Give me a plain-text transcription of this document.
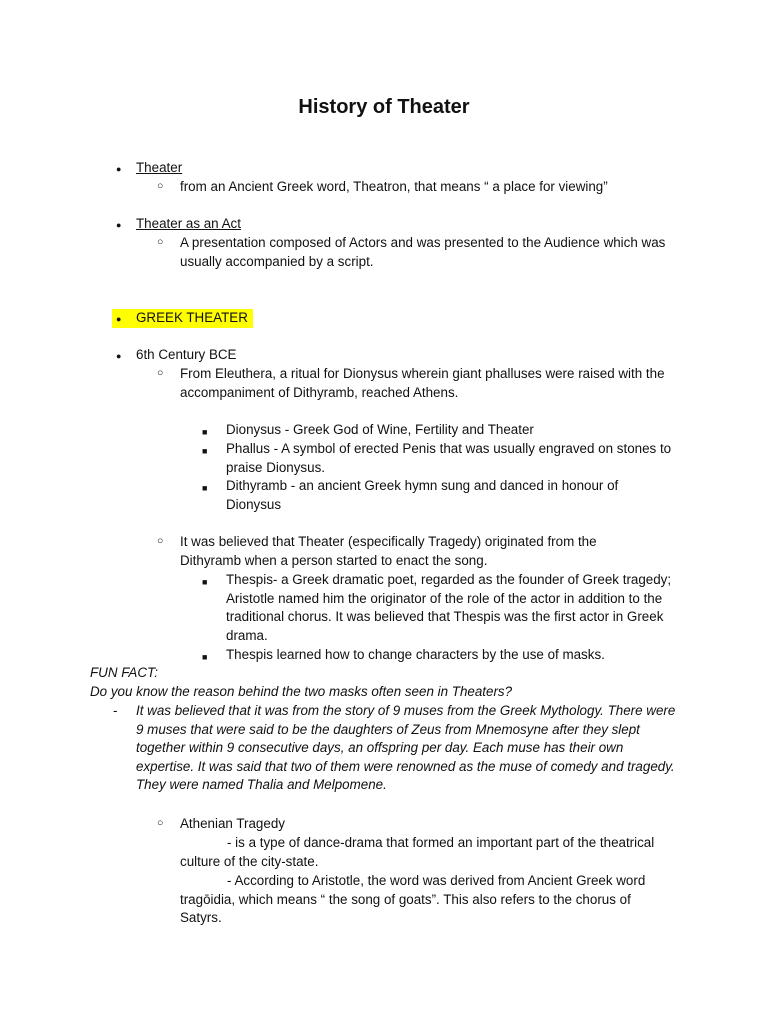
History of Theater
● Theater
○ from an Ancient Greek word, Theatron, that means “ a place for viewing”

● Theater as an Act
○ A presentation composed of Actors and was presented to the Audience which was usually accompanied by a script.

● GREEK THEATER
● 6th Century BCE
○ From Eleuthera, a ritual for Dionysus wherein giant phalluses were raised with the accompaniment of Dithyramb, reached Athens.

■ Dionysus - Greek God of Wine, Fertility and Theater

■ Phallus - A symbol of erected Penis that was usually engraved on stones to praise Dionysus.

■ Dithyramb - an ancient Greek hymn sung and danced in honour of Dionysus

○ It was believed that Theater (especifically Tragedy) originated from the Dithyramb when a person started to enact the song.

■ Thespis- a Greek dramatic poet, regarded as the founder of Greek tragedy; Aristotle named him the originator of the role of the actor in addition to the traditional chorus. It was believed that Thespis was the first actor in Greek drama.

■ Thespis learned how to change characters by the use of masks.

FUN FACT:
Do you know the reason behind the two masks often seen in Theaters?
- It was believed that it was from the story of 9 muses from the Greek Mythology. There were 9 muses that were said to be the daughters of Zeus from Mnemosyne after they slept together within 9 consecutive days, an offspring per day. Each muse has their own expertise. It was said that two of them were renowned as the muse of comedy and tragedy. They were named Thalia and Melpomene.

○ Athenian Tragedy

- is a type of dance-drama that formed an important part of the theatrical culture of the city-state.

- According to Aristotle, the word was derived from Ancient Greek word tragōidia, which means “ the song of goats”. This also refers to the chorus of Satyrs.
